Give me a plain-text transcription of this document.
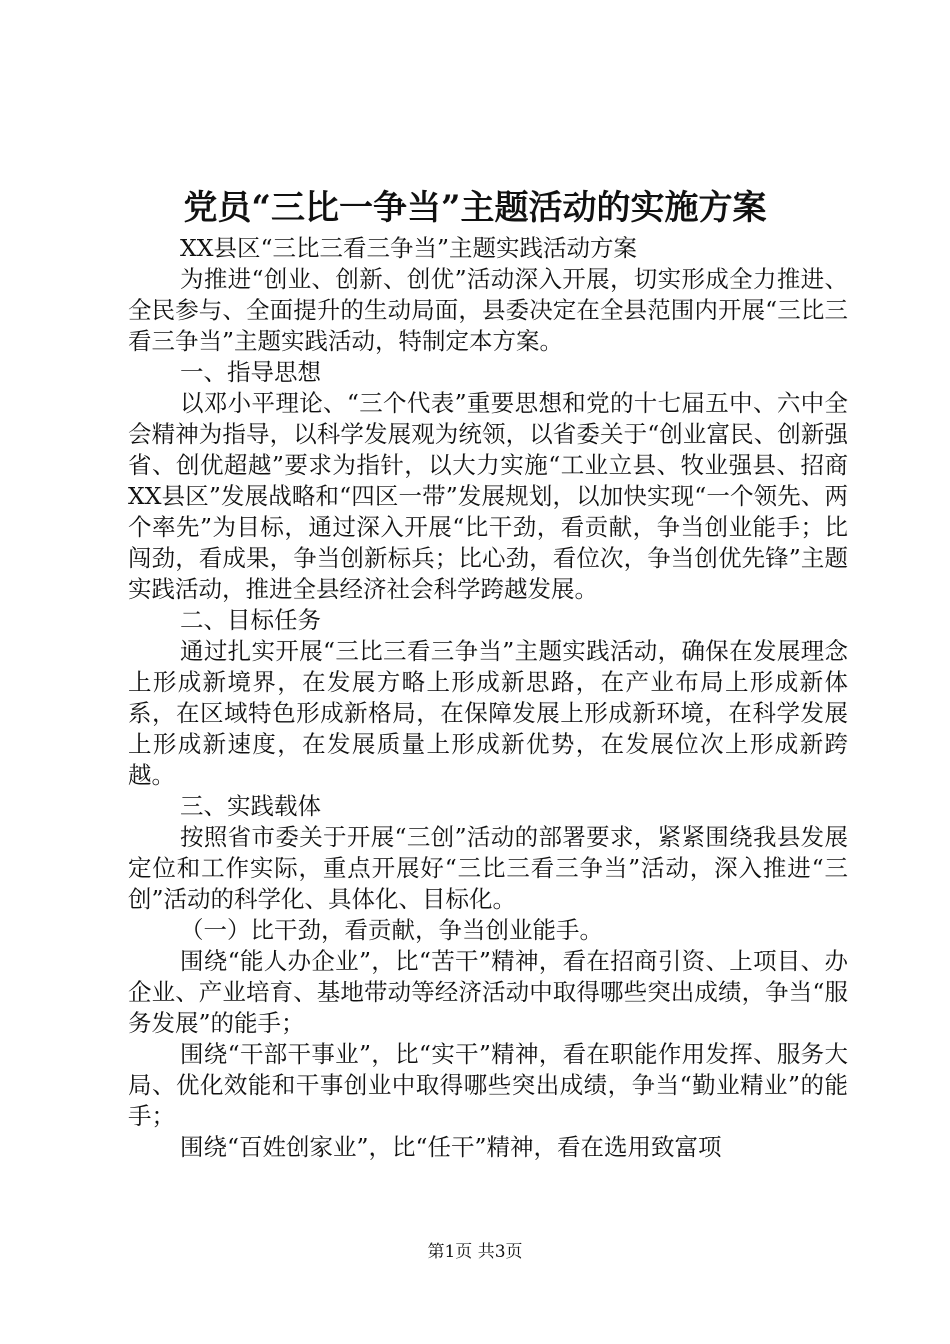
党员“三比一争当”主题活动的实施方案

XX县区“三比三看三争当”主题实践活动方案

为推进“创业、创新、创优”活动深入开展，切实形成全力推进、全民参与、全面提升的生动局面，县委决定在全县范围内开展“三比三看三争当”主题实践活动，特制定本方案。

一、指导思想

以邓小平理论、“三个代表”重要思想和党的十七届五中、六中全会精神为指导，以科学发展观为统领，以省委关于“创业富民、创新强省、创优超越”要求为指针，以大力实施“工业立县、牧业强县、招商XX县区”发展战略和“四区一带”发展规划，以加快实现“一个领先、两个率先”为目标，通过深入开展“比干劲，看贡献，争当创业能手；比闯劲，看成果，争当创新标兵；比心劲，看位次，争当创优先锋”主题实践活动，推进全县经济社会科学跨越发展。

二、目标任务

通过扎实开展“三比三看三争当”主题实践活动，确保在发展理念上形成新境界，在发展方略上形成新思路，在产业布局上形成新体系，在区域特色形成新格局，在保障发展上形成新环境，在科学发展上形成新速度，在发展质量上形成新优势，在发展位次上形成新跨越。

三、实践载体

按照省市委关于开展“三创”活动的部署要求，紧紧围绕我县发展定位和工作实际，重点开展好“三比三看三争当”活动，深入推进“三创”活动的科学化、具体化、目标化。

（一）比干劲，看贡献，争当创业能手。

围绕“能人办企业”，比“苦干”精神，看在招商引资、上项目、办企业、产业培育、基地带动等经济活动中取得哪些突出成绩，争当“服务发展”的能手；

围绕“干部干事业”，比“实干”精神，看在职能作用发挥、服务大局、优化效能和干事创业中取得哪些突出成绩，争当“勤业精业”的能手；

围绕“百姓创家业”，比“任干”精神，看在选用致富项

第1页 共3页
